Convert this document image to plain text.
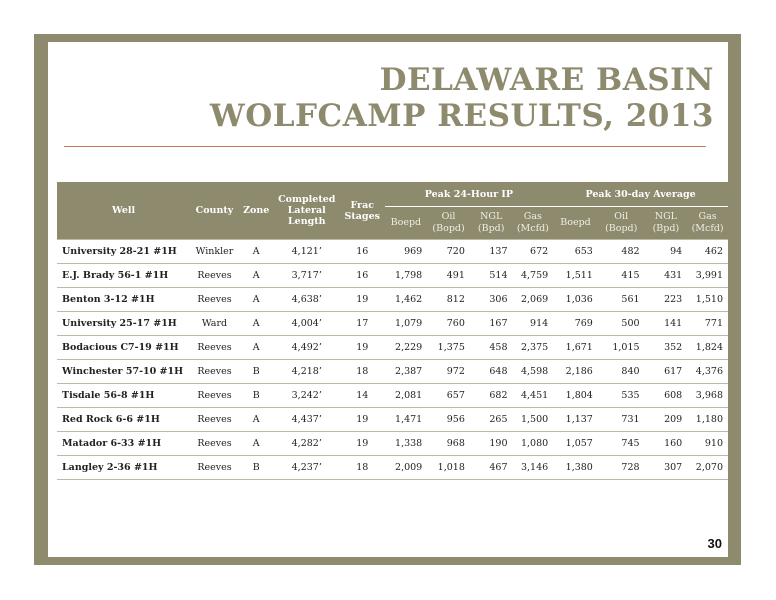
DELAWARE BASIN
WOLFCAMP RESULTS, 2013
Well	County	Zone	Completed Lateral Length	Frac Stages	Peak 24-Hour IP				Peak 30-day Average			
					Boepd	Oil (Bopd)	NGL (Bpd)	Gas (Mcfd)	Boepd	Oil (Bopd)	NGL (Bpd)	Gas (Mcfd)
University 28-21 #1H	Winkler	A	4,121’	16	969	720	137	672	653	482	94	462
E.J. Brady 56-1 #1H	Reeves	A	3,717’	16	1,798	491	514	4,759	1,511	415	431	3,991
Benton 3-12 #1H	Reeves	A	4,638’	19	1,462	812	306	2,069	1,036	561	223	1,510
University 25-17 #1H	Ward	A	4,004’	17	1,079	760	167	914	769	500	141	771
Bodacious C7-19 #1H	Reeves	A	4,492’	19	2,229	1,375	458	2,375	1,671	1,015	352	1,824
Winchester 57-10 #1H	Reeves	B	4,218’	18	2,387	972	648	4,598	2,186	840	617	4,376
Tisdale 56-8 #1H	Reeves	B	3,242’	14	2,081	657	682	4,451	1,804	535	608	3,968
Red Rock 6-6 #1H	Reeves	A	4,437’	19	1,471	956	265	1,500	1,137	731	209	1,180
Matador 6-33 #1H	Reeves	A	4,282’	19	1,338	968	190	1,080	1,057	745	160	910
Langley 2-36 #1H	Reeves	B	4,237’	18	2,009	1,018	467	3,146	1,380	728	307	2,070
30
